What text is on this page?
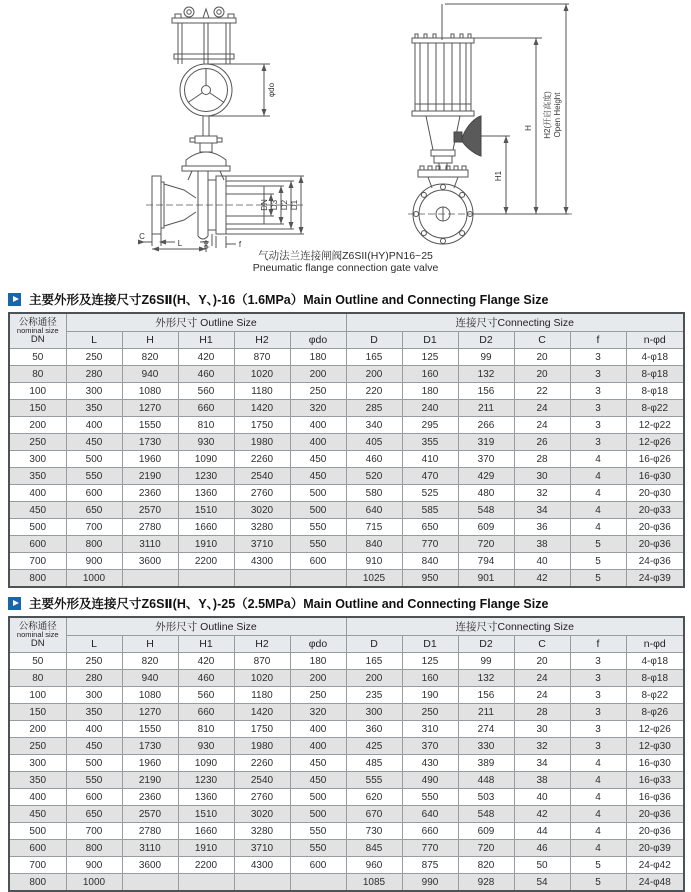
φdo
DN D3 D2 D1
C
L	φd	f
H1
H H2(开启高度) Open Height
气动法兰连接闸阀Z6SII(HY)PN16~25
Pneumatic flange connection gate valve
主要外形及连接尺寸Z6SⅡ(H、Y、)-16（1.6MPa）Main Outline and Connecting Flange Size
公称通径
nominal size
DN	外形尺寸 Outline Size					连接尺寸Connecting Size					
	L	H	H1	H2	φdo	D	D1	D2	C	f	n-φd
50	250	820	420	870	180	165	125	99	20	3	4-φ18
80	280	940	460	1020	200	200	160	132	20	3	8-φ18
100	300	1080	560	1180	250	220	180	156	22	3	8-φ18
150	350	1270	660	1420	320	285	240	211	24	3	8-φ22
200	400	1550	810	1750	400	340	295	266	24	3	12-φ22
250	450	1730	930	1980	400	405	355	319	26	3	12-φ26
300	500	1960	1090	2260	450	460	410	370	28	4	16-φ26
350	550	2190	1230	2540	450	520	470	429	30	4	16-φ30
400	600	2360	1360	2760	500	580	525	480	32	4	20-φ30
450	650	2570	1510	3020	500	640	585	548	34	4	20-φ33
500	700	2780	1660	3280	550	715	650	609	36	4	20-φ36
600	800	3110	1910	3710	550	840	770	720	38	5	20-φ36
700	900	3600	2200	4300	600	910	840	794	40	5	24-φ36
800	1000					1025	950	901	42	5	24-φ39
主要外形及连接尺寸Z6SⅡ(H、Y、)-25（2.5MPa）Main Outline and Connecting Flange Size
公称通径
nominal size
DN	外形尺寸 Outline Size					连接尺寸Connecting Size					
	L	H	H1	H2	φdo	D	D1	D2	C	f	n-φd
50	250	820	420	870	180	165	125	99	20	3	4-φ18
80	280	940	460	1020	200	200	160	132	24	3	8-φ18
100	300	1080	560	1180	250	235	190	156	24	3	8-φ22
150	350	1270	660	1420	320	300	250	211	28	3	8-φ26
200	400	1550	810	1750	400	360	310	274	30	3	12-φ26
250	450	1730	930	1980	400	425	370	330	32	3	12-φ30
300	500	1960	1090	2260	450	485	430	389	34	4	16-φ30
350	550	2190	1230	2540	450	555	490	448	38	4	16-φ33
400	600	2360	1360	2760	500	620	550	503	40	4	16-φ36
450	650	2570	1510	3020	500	670	640	548	42	4	20-φ36
500	700	2780	1660	3280	550	730	660	609	44	4	20-φ36
600	800	3110	1910	3710	550	845	770	720	46	4	20-φ39
700	900	3600	2200	4300	600	960	875	820	50	5	24-φ42
800	1000					1085	990	928	54	5	24-φ48
